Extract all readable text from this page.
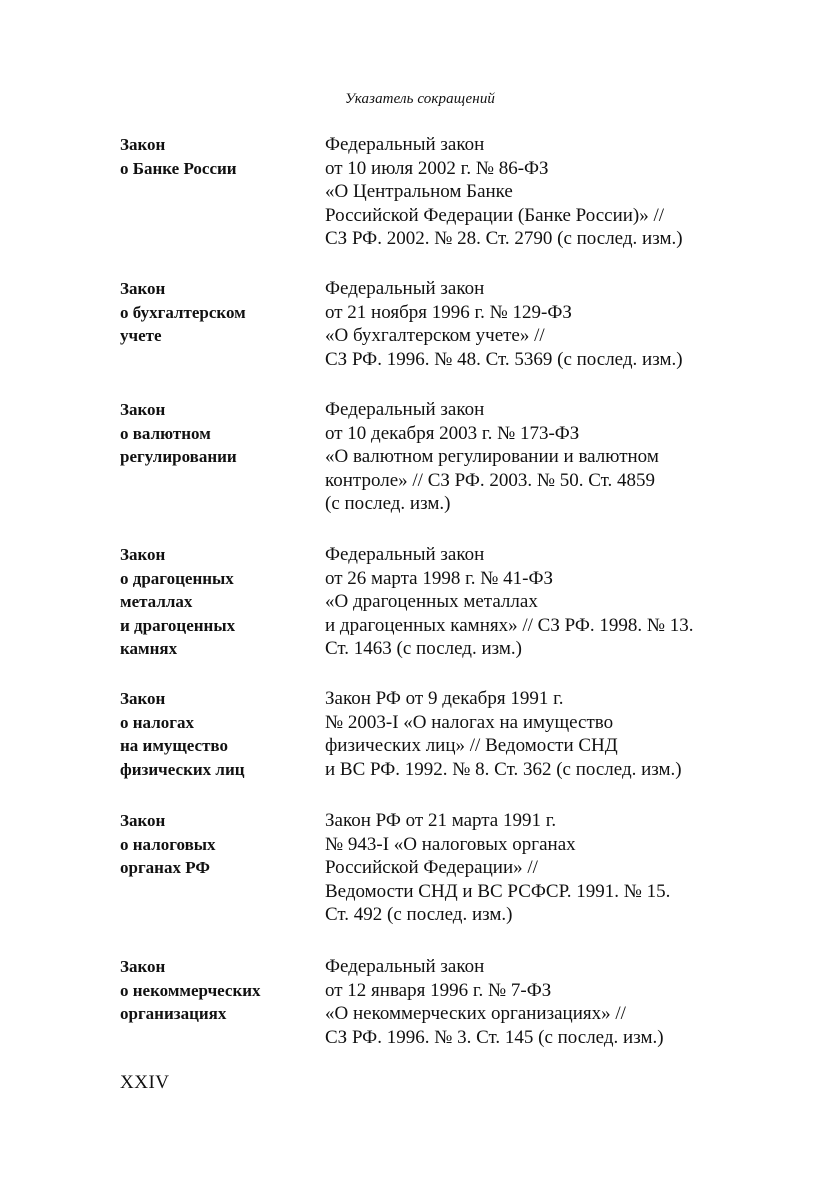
Указатель сокращений
Закон
о Банке России
Федеральный закон
от 10 июля 2002 г. № 86-ФЗ
«О Центральном Банке
Российской Федерации (Банке России)» //
СЗ РФ. 2002. № 28. Ст. 2790 (с послед. изм.)
Закон
о бухгалтерском
учете
Федеральный закон
от 21 ноября 1996 г. № 129-ФЗ
«О бухгалтерском учете» //
СЗ РФ. 1996. № 48. Ст. 5369 (с послед. изм.)
Закон
о валютном
регулировании
Федеральный закон
от 10 декабря 2003 г. № 173-ФЗ
«О валютном регулировании и валютном
контроле» // СЗ РФ. 2003. № 50. Ст. 4859
(с послед. изм.)
Закон
о драгоценных
металлах
и драгоценных
камнях
Федеральный закон
от 26 марта 1998 г. № 41-ФЗ
«О драгоценных металлах
и драгоценных камнях» // СЗ РФ. 1998. № 13.
Ст. 1463 (с послед. изм.)
Закон
о налогах
на имущество
физических лиц
Закон РФ от 9 декабря 1991 г.
№ 2003-I «О налогах на имущество
физических лиц» // Ведомости СНД
и ВС РФ. 1992. № 8. Ст. 362 (с послед. изм.)
Закон
о налоговых
органах РФ
Закон РФ от 21 марта 1991 г.
№ 943-I «О налоговых органах
Российской Федерации» //
Ведомости СНД и ВС РСФСР. 1991. № 15.
Ст. 492 (с послед. изм.)
Закон
о некоммерческих
организациях
Федеральный закон
от 12 января 1996 г. № 7-ФЗ
«О некоммерческих организациях» //
СЗ РФ. 1996. № 3. Ст. 145 (с послед. изм.)
XXIV
